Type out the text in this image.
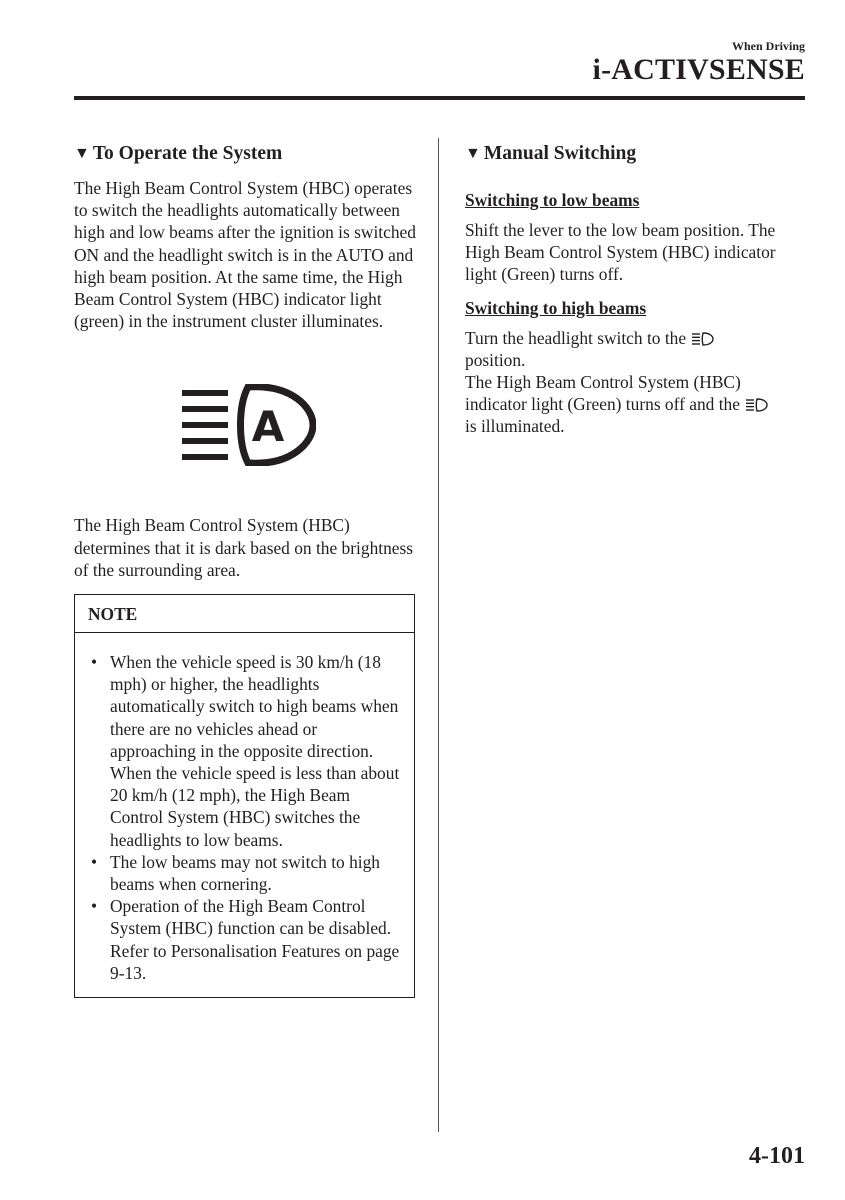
When Driving
i-ACTIVSENSE
▼ To Operate the System

The High Beam Control System (HBC) operates to switch the headlights automatically between high and low beams after the ignition is switched ON and the headlight switch is in the AUTO and high beam position. At the same time, the High Beam Control System (HBC) indicator light (green) in the instrument cluster illuminates.

A

The High Beam Control System (HBC) determines that it is dark based on the brightness of the surrounding area.

NOTE
• When the vehicle speed is 30 km/h (18 mph) or higher, the headlights automatically switch to high beams when there are no vehicles ahead or approaching in the opposite direction.
When the vehicle speed is less than about 20 km/h (12 mph), the High Beam Control System (HBC) switches the headlights to low beams.
• The low beams may not switch to high beams when cornering.
• Operation of the High Beam Control System (HBC) function can be disabled. Refer to Personalisation Features on page 9-13.
▼ Manual Switching
Switching to low beams

Shift the lever to the low beam position. The High Beam Control System (HBC) indicator light (Green) turns off.

Switching to high beams

Turn the headlight switch to the
position.
The High Beam Control System (HBC) indicator light (Green) turns off and the
is illuminated.

4-101
